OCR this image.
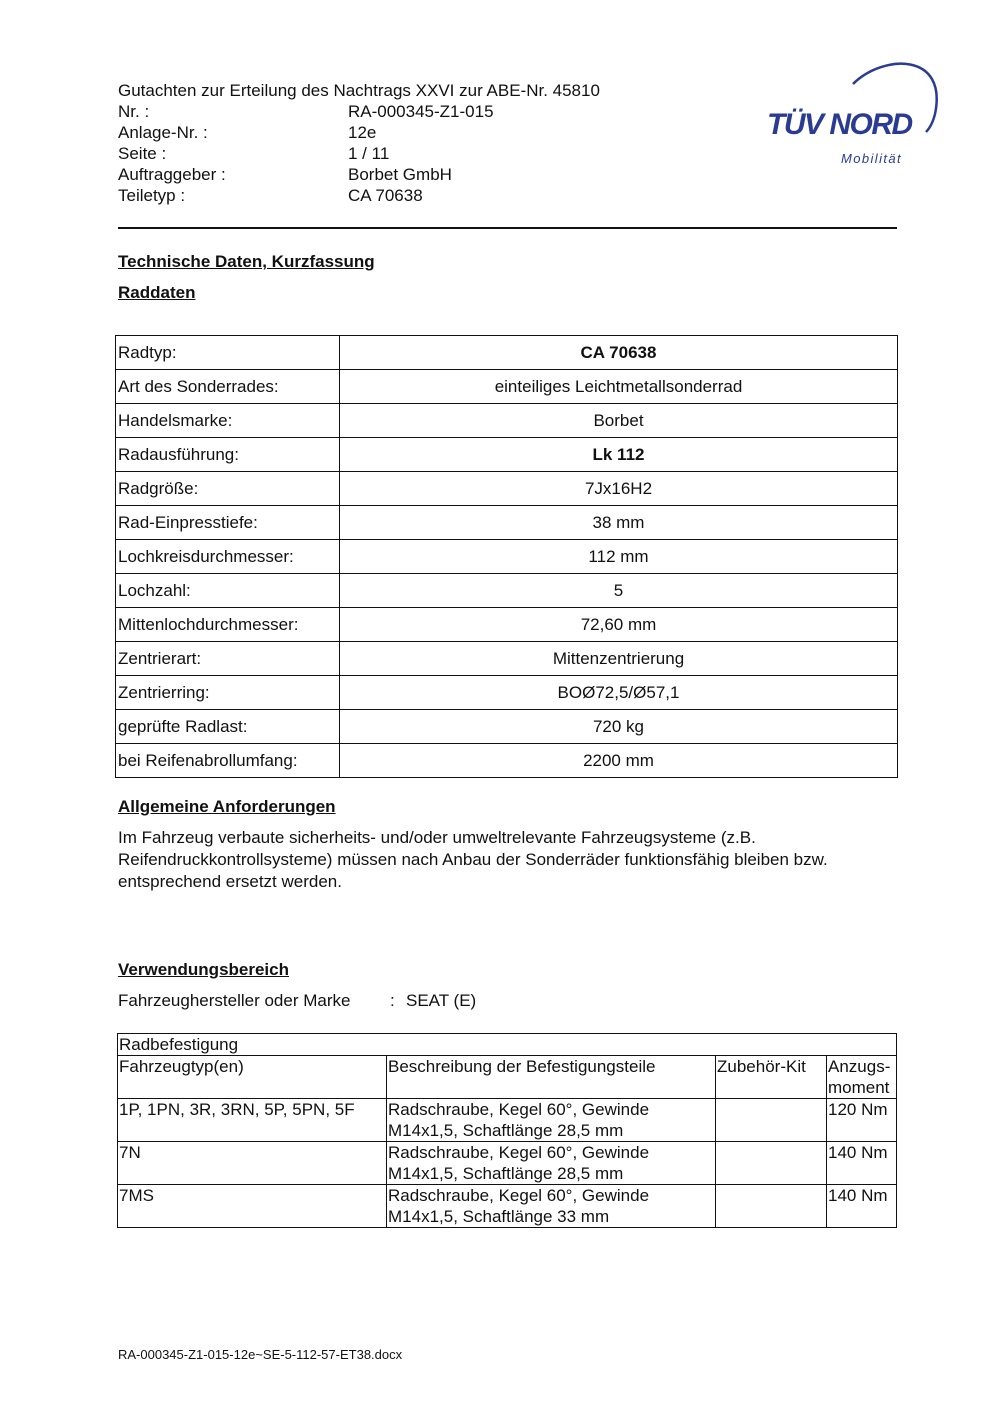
Gutachten zur Erteilung des Nachtrags XXVI zur ABE-Nr. 45810
Nr. :	RA-000345-Z1-015
Anlage-Nr. :	12e
Seite :	1 / 11
Auftraggeber :	Borbet GmbH
Teiletyp :	CA 70638
TÜV NORD
Mobilität
Technische Daten, Kurzfassung
Raddaten
Radtyp:	CA 70638
Art des Sonderrades:	einteiliges Leichtmetallsonderrad
Handelsmarke:	Borbet
Radausführung:	Lk 112
Radgröße:	7Jx16H2
Rad-Einpresstiefe:	38 mm
Lochkreisdurchmesser:	112 mm
Lochzahl:	5
Mittenlochdurchmesser:	72,60 mm
Zentrierart:	Mittenzentrierung
Zentrierring:	BOØ72,5/Ø57,1
geprüfte Radlast:	720 kg
bei Reifenabrollumfang:	2200 mm
Allgemeine Anforderungen
Im Fahrzeug verbaute sicherheits- und/oder umweltrelevante Fahrzeugsysteme (z.B. Reifendruckkontrollsysteme) müssen nach Anbau der Sonderräder funktionsfähig bleiben bzw. entsprechend ersetzt werden.
Verwendungsbereich
Fahrzeughersteller oder Marke	: SEAT (E)
Radbefestigung			
Fahrzeugtyp(en)	Beschreibung der Befestigungsteile	Zubehör-Kit	Anzugs-
moment

1P, 1PN, 3R, 3RN, 5P, 5PN, 5F	Radschraube, Kegel 60°, Gewinde
M14x1,5, Schaftlänge 28,5 mm		120 Nm
7N	Radschraube, Kegel 60°, Gewinde
M14x1,5, Schaftlänge 28,5 mm		140 Nm
7MS	Radschraube, Kegel 60°, Gewinde
M14x1,5, Schaftlänge 33 mm		140 Nm
RA-000345-Z1-015-12e~SE-5-112-57-ET38.docx
